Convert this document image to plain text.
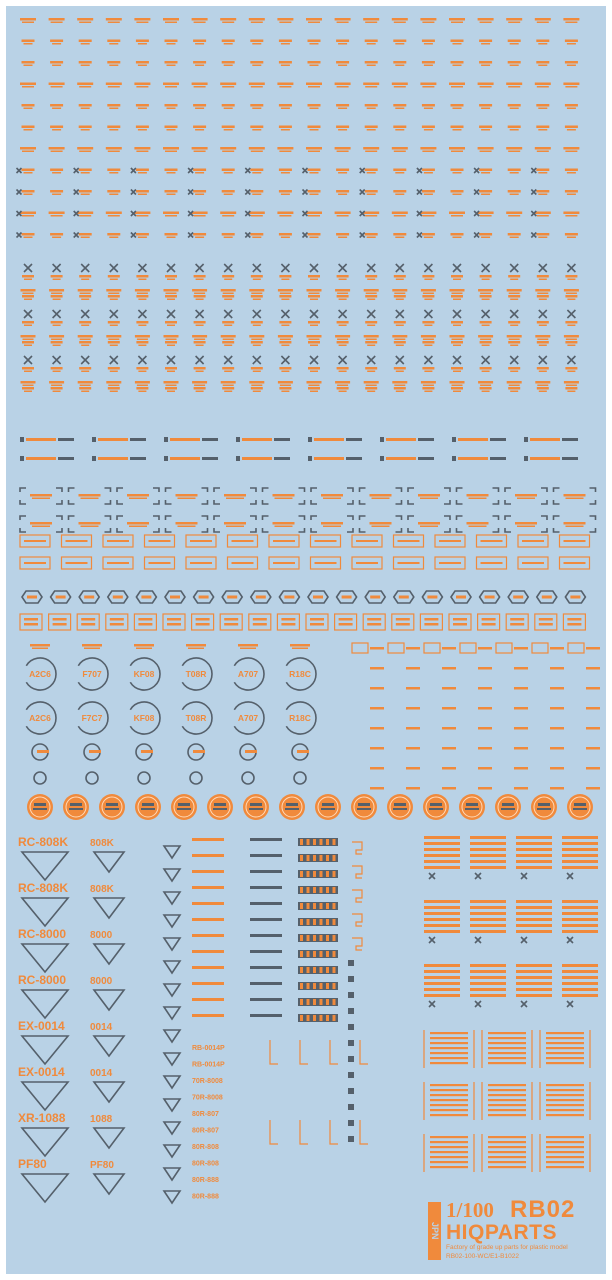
A2C6
A2C6
F707
F7C7
KF08
KF08
T08R
T08R
A707
A707
R18C
R18C
RC-808K 808K
RC-808K 808K
RC-8000 8000
RC-8000 8000
EX-0014	0014
EX-0014	0014
XR-1088 1088
PF80	PF80
RB-0014P
RB-0014P
70R-8008
70R-8008
80R-807
80R-807
80R-808
80R-808
80R-888
80R-888
JPN
1/100 RB02
HIQPARTS
Factory of grade up parts for plastic model
RB02-100-WC/E1-B1022
